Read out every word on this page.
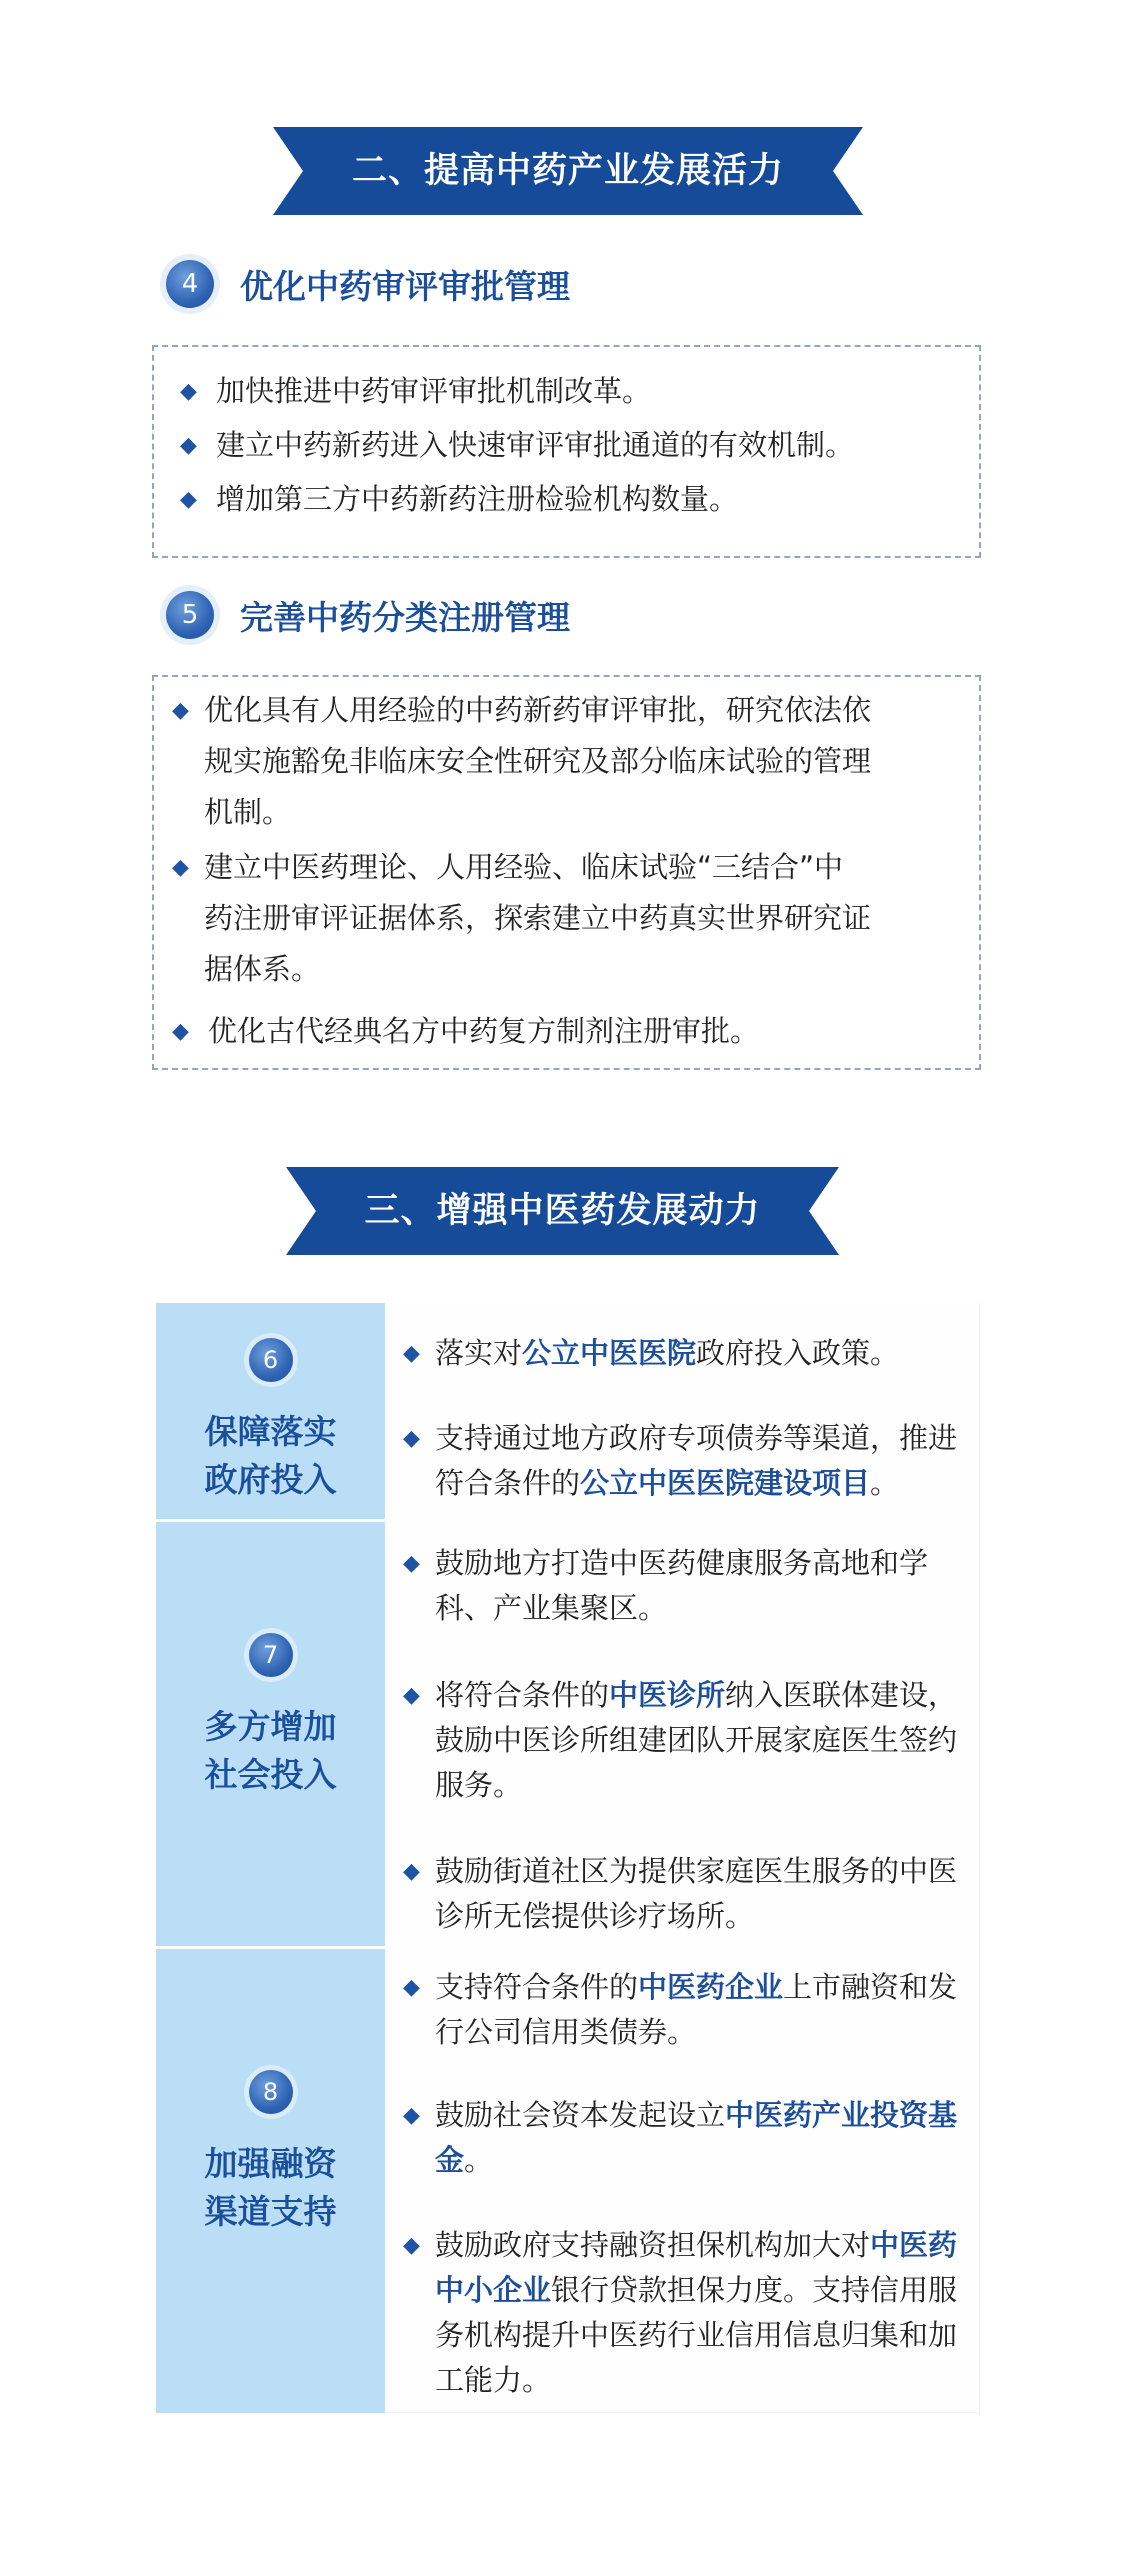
二、提高中药产业发展活力
4	优化中药审评审批管理
◆ 加快推进中药审评审批机制改革。
◆ 建立中药新药进入快速审评审批通道的有效机制。
◆ 增加第三方中药新药注册检验机构数量。
5	完善中药分类注册管理
◆ 优化具有人用经验的中药新药审评审批，研究依法依
规实施豁免非临床安全性研究及部分临床试验的管理
机制。
◆ 建立中医药理论、人用经验、临床试验“三结合”中
药注册审评证据体系，探索建立中药真实世界研究证
据体系。
◆ 优化古代经典名方中药复方制剂注册审批。
三、增强中医药发展动力
6
保障落实
政府投入
◆ 落实对公立中医医院政府投入政策。
◆ 支持通过地方政府专项债券等渠道，推进符合条件的公立中医医院建设项目。
7
多方增加
社会投入
◆ 鼓励地方打造中医药健康服务高地和学科、产业集聚区。
◆ 将符合条件的中医诊所纳入医联体建设，鼓励中医诊所组建团队开展家庭医生签约服务。
◆ 鼓励街道社区为提供家庭医生服务的中医诊所无偿提供诊疗场所。
8
加强融资
渠道支持
◆ 支持符合条件的中医药企业上市融资和发行公司信用类债券。
◆ 鼓励社会资本发起设立中医药产业投资基金。
◆ 鼓励政府支持融资担保机构加大对中医药中小企业银行贷款担保力度。支持信用服务机构提升中医药行业信用信息归集和加工能力。
